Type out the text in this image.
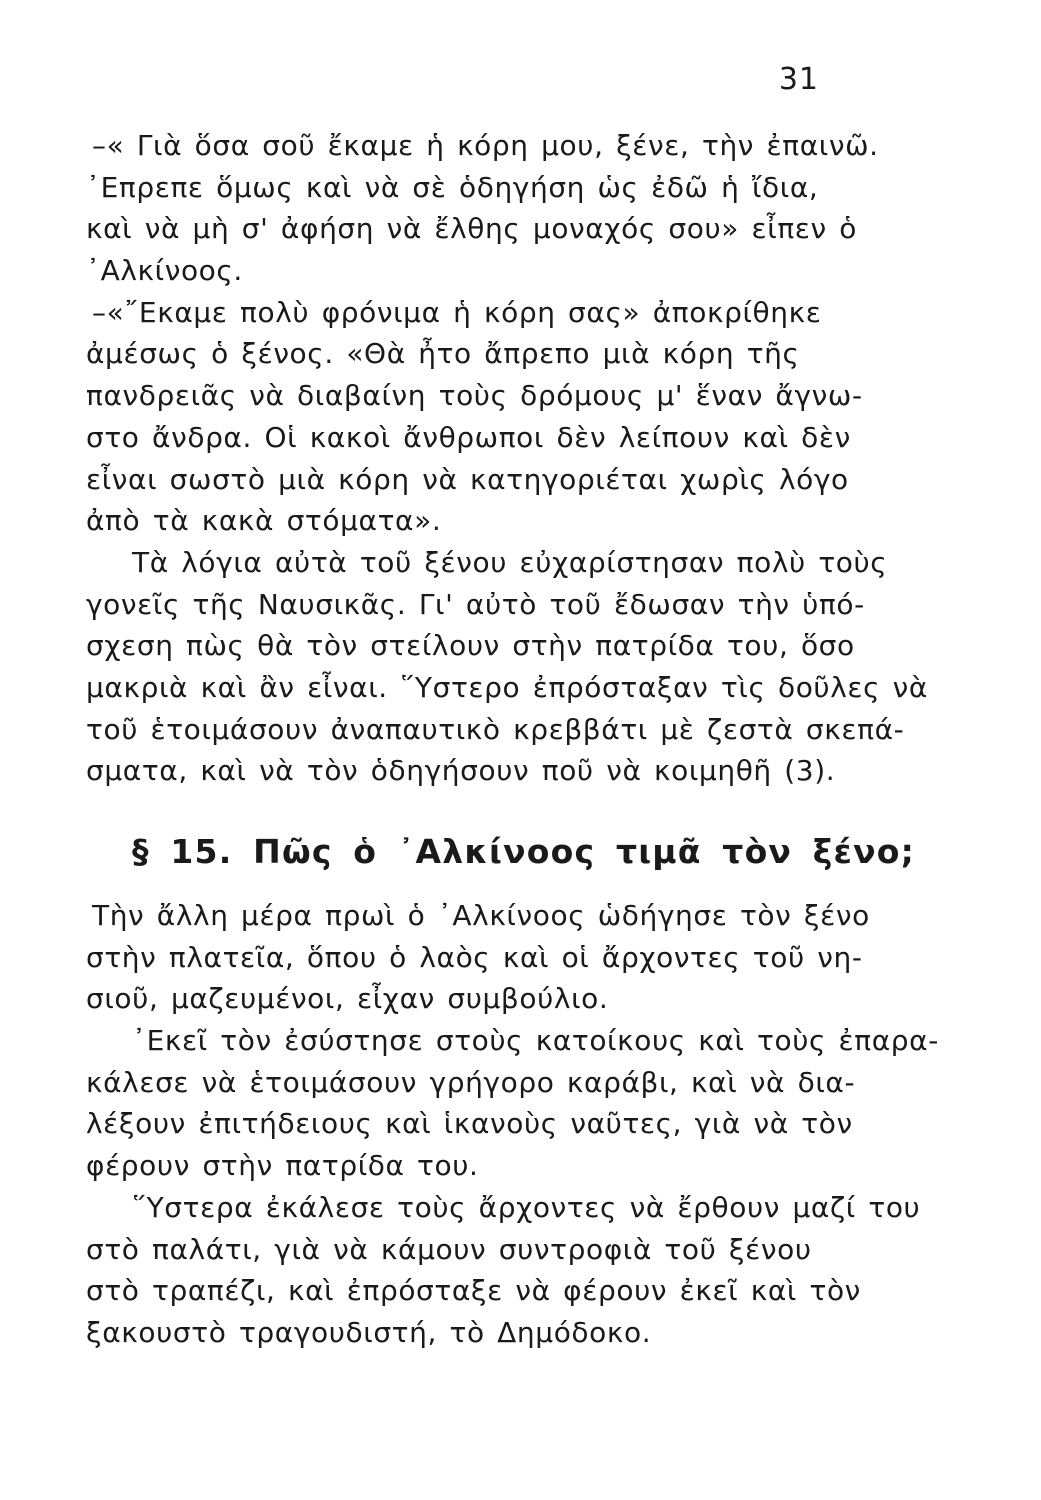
31
–« Γιὰ ὅσα σοῦ ἔκαμε ἡ κόρη μου, ξένε, τὴν ἐπαινῶ.
᾿Επρεπε ὅμως καὶ νὰ σὲ ὁδηγήση ὡς ἐδῶ ἡ ἴδια,
καὶ νὰ μὴ σ' ἀφήση νὰ ἔλθης μοναχός σου» εἶπεν ὁ
᾿Αλκίνοος.
–«῎Εκαμε πολὺ φρόνιμα ἡ κόρη σας» ἀποκρίθηκε
ἀμέσως ὁ ξένος. «Θὰ ἦτο ἄπρεπο μιὰ κόρη τῆς
πανδρειᾶς νὰ διαβαίνη τοὺς δρόμους μ' ἕναν ἄγνω-
στο ἄνδρα. Οἱ κακοὶ ἄνθρωποι δὲν λείπουν καὶ δὲν
εἶναι σωστὸ μιὰ κόρη νὰ κατηγοριέται χωρὶς λόγο
ἀπὸ τὰ κακὰ στόματα».
Τὰ λόγια αὐτὰ τοῦ ξένου εὐχαρίστησαν πολὺ τοὺς
γονεῖς τῆς Ναυσικᾶς. Γι' αὐτὸ τοῦ ἔδωσαν τὴν ὑπό-
σχεση πὼς θὰ τὸν στείλουν στὴν πατρίδα του, ὅσο
μακριὰ καὶ ἂν εἶναι. ῞Υστερο ἐπρόσταξαν τὶς δοῦλες νὰ
τοῦ ἑτοιμάσουν ἀναπαυτικὸ κρεββάτι μὲ ζεστὰ σκεπά-
σματα, καὶ νὰ τὸν ὁδηγήσουν ποῦ νὰ κοιμηθῆ (3).
§ 15. Πῶς ὁ ᾿Αλκίνοος τιμᾶ τὸν ξένο;
Τὴν ἄλλη μέρα πρωὶ ὁ ᾿Αλκίνοος ὡδήγησε τὸν ξένο
στὴν πλατεῖα, ὅπου ὁ λαὸς καὶ οἱ ἄρχοντες τοῦ νη-
σιοῦ, μαζευμένοι, εἶχαν συμβούλιο.
᾿Εκεῖ τὸν ἐσύστησε στοὺς κατοίκους καὶ τοὺς ἐπαρα-
κάλεσε νὰ ἑτοιμάσουν γρήγορο καράβι, καὶ νὰ δια-
λέξουν ἐπιτήδειους καὶ ἱκανοὺς ναῦτες, γιὰ νὰ τὸν
φέρουν στὴν πατρίδα του.
῞Υστερα ἐκάλεσε τοὺς ἄρχοντες νὰ ἔρθουν μαζί του
στὸ παλάτι, γιὰ νὰ κάμουν συντροφιὰ τοῦ ξένου
στὸ τραπέζι, καὶ ἐπρόσταξε νὰ φέρουν ἐκεῖ καὶ τὸν
ξακουστὸ τραγουδιστή, τὸ Δημόδοκο.
